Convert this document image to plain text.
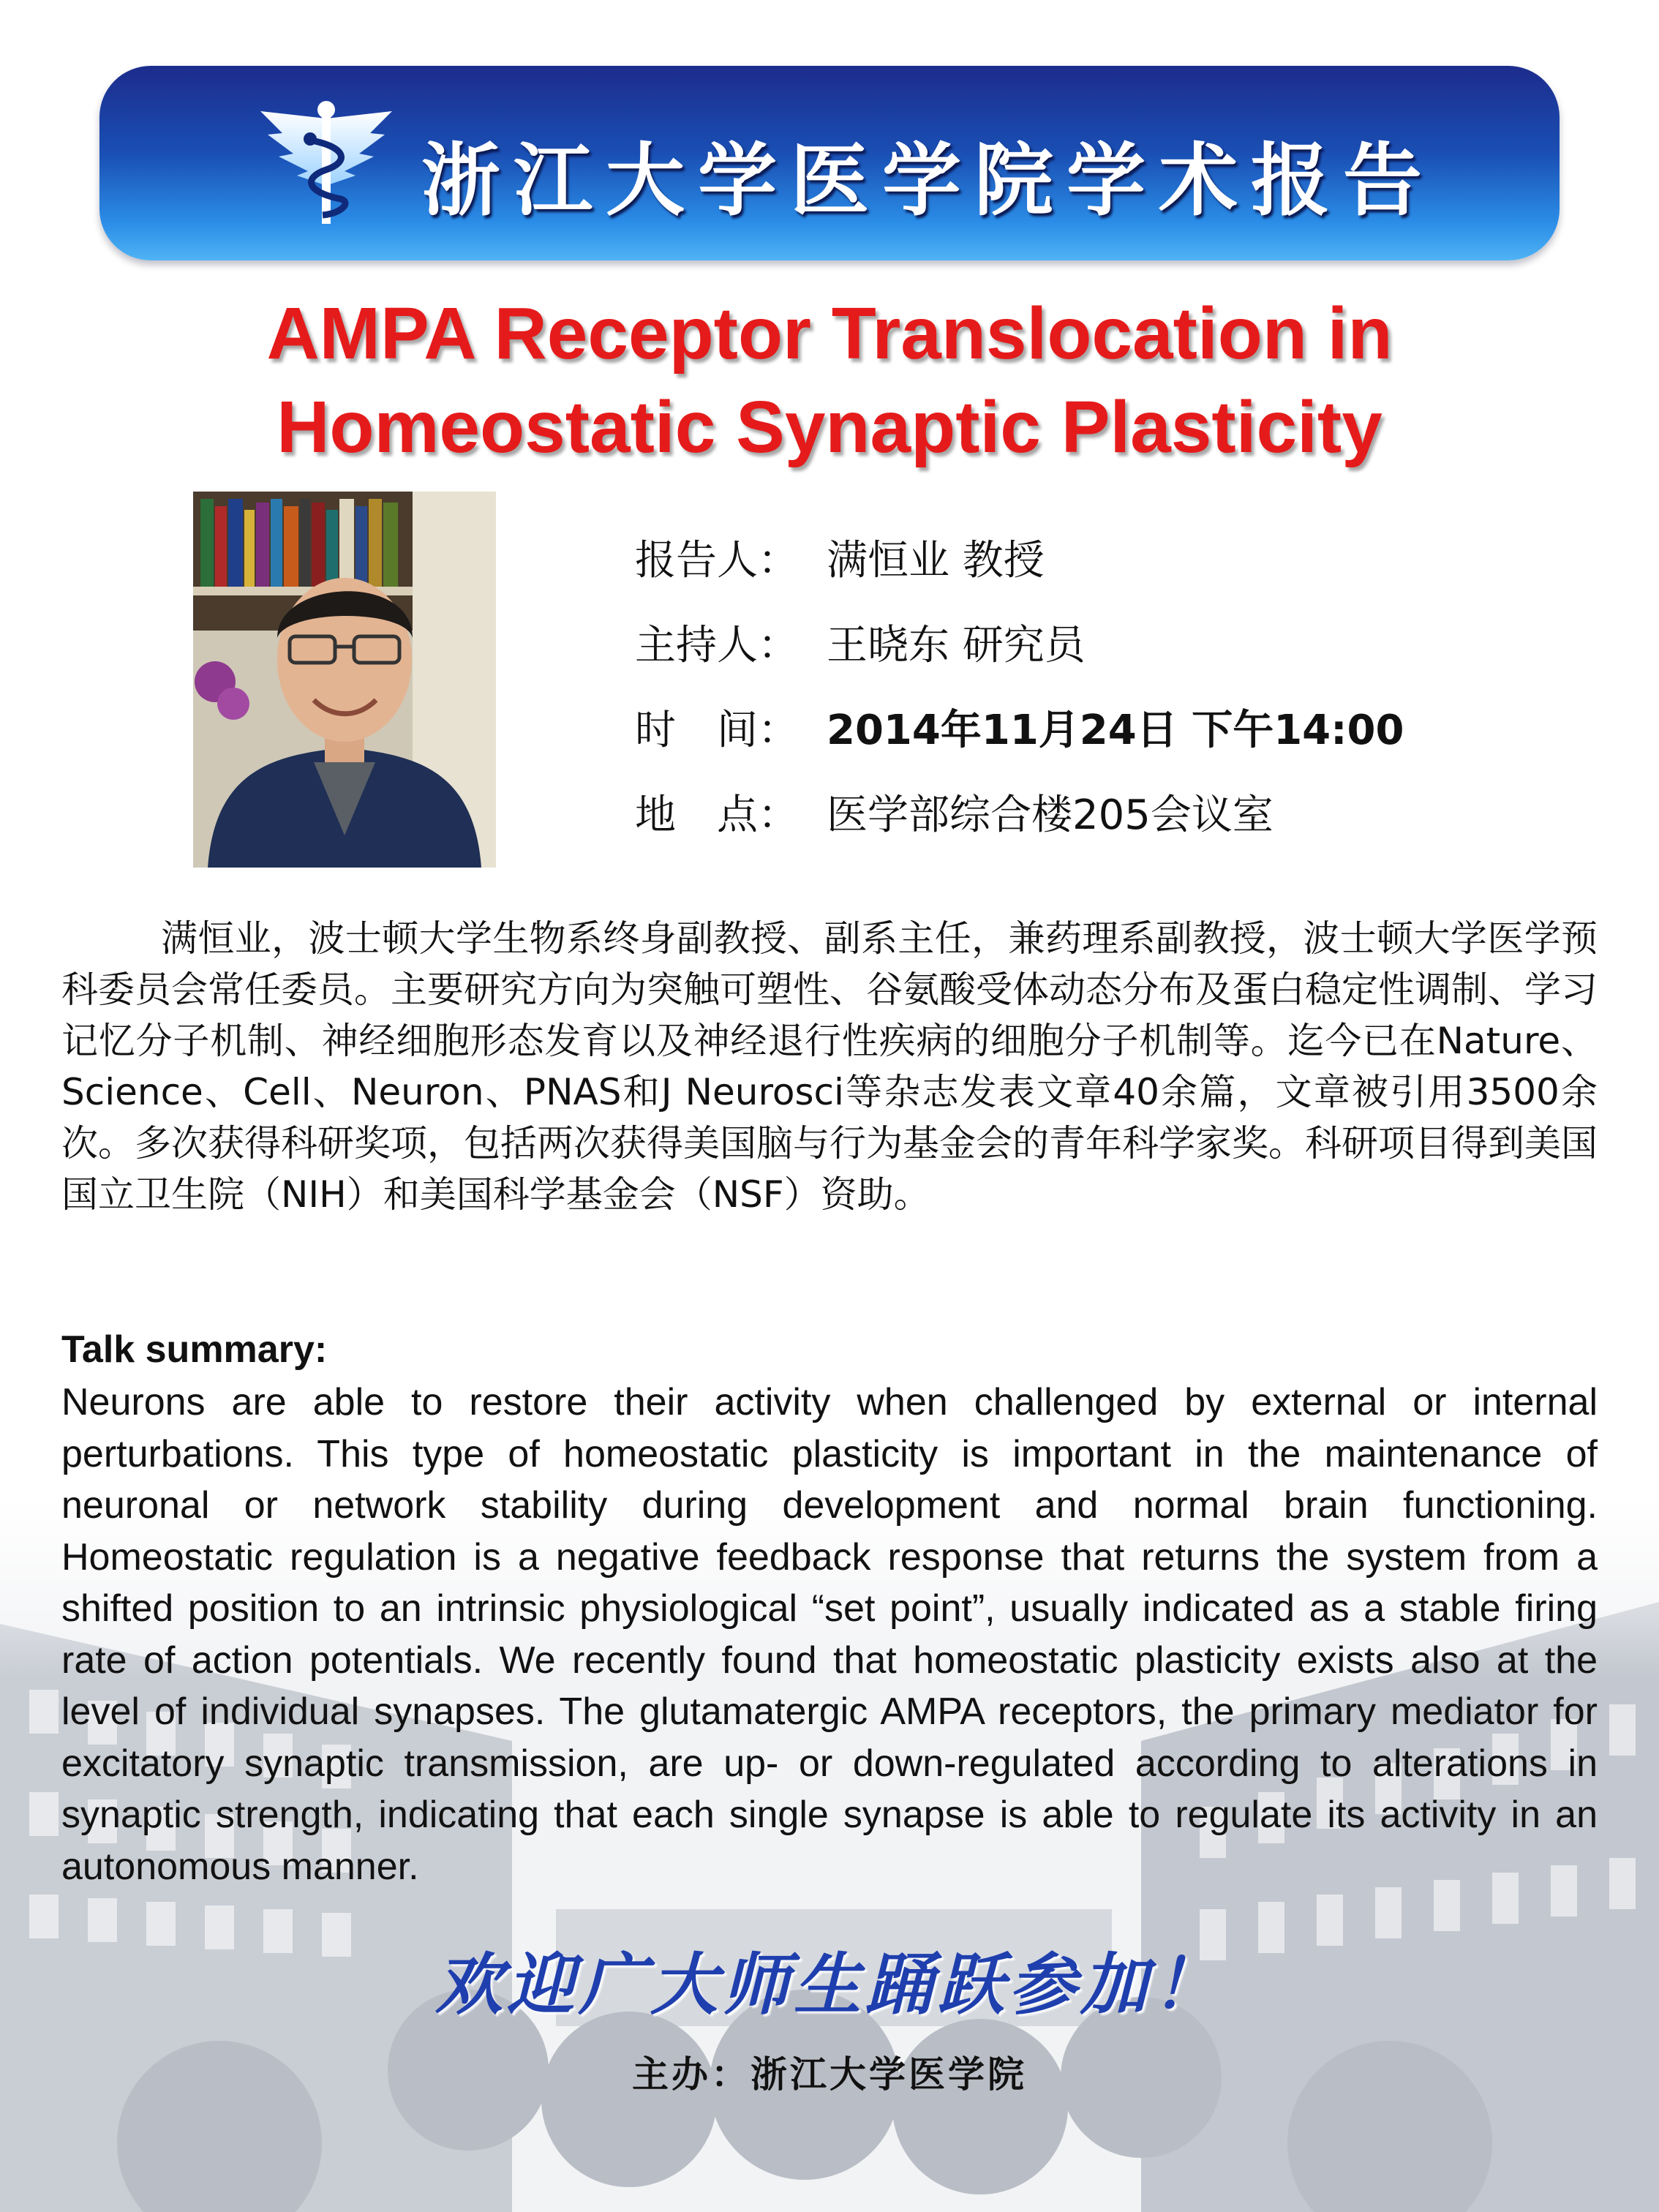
浙江大学医学院学术报告
AMPA Receptor Translocation in
Homeostatic Synaptic Plasticity
报告人： 满恒业 教授
主持人： 王晓东 研究员
时　间： 2014年11月24日 下午14:00
地　点： 医学部综合楼205会议室
满恒业，波士顿大学生物系终身副教授、副系主任，兼药理系副教授，波士顿大学医学预科委员会常任委员。主要研究方向为突触可塑性、谷氨酸受体动态分布及蛋白稳定性调制、学习记忆分子机制、神经细胞形态发育以及神经退行性疾病的细胞分子机制等。迄今已在Nature、Science、Cell、Neuron、PNAS和J Neurosci等杂志发表文章40余篇，文章被引用3500余次。多次获得科研奖项，包括两次获得美国脑与行为基金会的青年科学家奖。科研项目得到美国国立卫生院（NIH）和美国科学基金会（NSF）资助。
Talk summary:
Neurons are able to restore their activity when challenged by external or internal perturbations. This type of homeostatic plasticity is important in the maintenance of neuronal or network stability during development and normal brain functioning. Homeostatic regulation is a negative feedback response that returns the system from a shifted position to an intrinsic physiological “set point”, usually indicated as a stable firing rate of action potentials. We recently found that homeostatic plasticity exists also at the level of individual synapses. The glutamatergic AMPA receptors, the primary mediator for excitatory synaptic transmission, are up- or down-regulated according to alterations in synaptic strength, indicating that each single synapse is able to regulate its activity in an autonomous manner.
欢迎广大师生踊跃参加！
主办：浙江大学医学院
